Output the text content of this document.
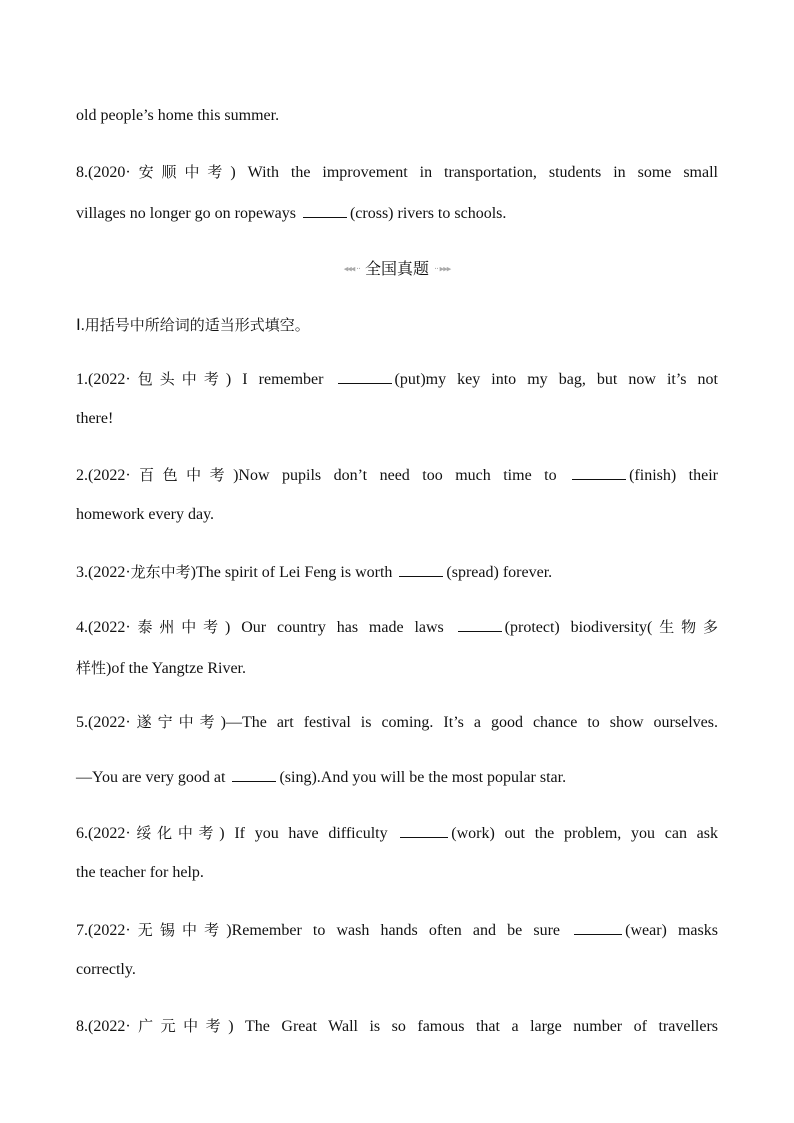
old people’s home this summer.
8.(2020·安顺中考) With the improvement in transportation, students in some small
villages no longer go on ropeways	(cross) rivers to schools.
◂◂◂ ·· 全国真题 ·· ▸▸▸
Ⅰ.用括号中所给词的适当形式填空。
1.(2022·包头中考) I remember	(put)my key into my bag, but now it’s not
there!
2.(2022·百色中考)Now pupils don’t need too much time to	(finish) their
homework every day.
3.(2022·龙东中考)The spirit of Lei Feng is worth	(spread) forever.
4.(2022·泰州中考) Our country has made laws	(protect) biodiversity(生物多
样性)of the Yangtze River.
5.(2022·遂宁中考)—The art festival is coming. It’s a good chance to show ourselves.
—You are very good at	(sing).And you will be the most popular star.
6.(2022·绥化中考) If you have difficulty	(work) out the problem, you can ask
the teacher for help.
7.(2022·无锡中考)Remember to wash hands often and be sure	(wear) masks
correctly.
8.(2022·广元中考) The Great Wall is so famous that a large number of travellers
